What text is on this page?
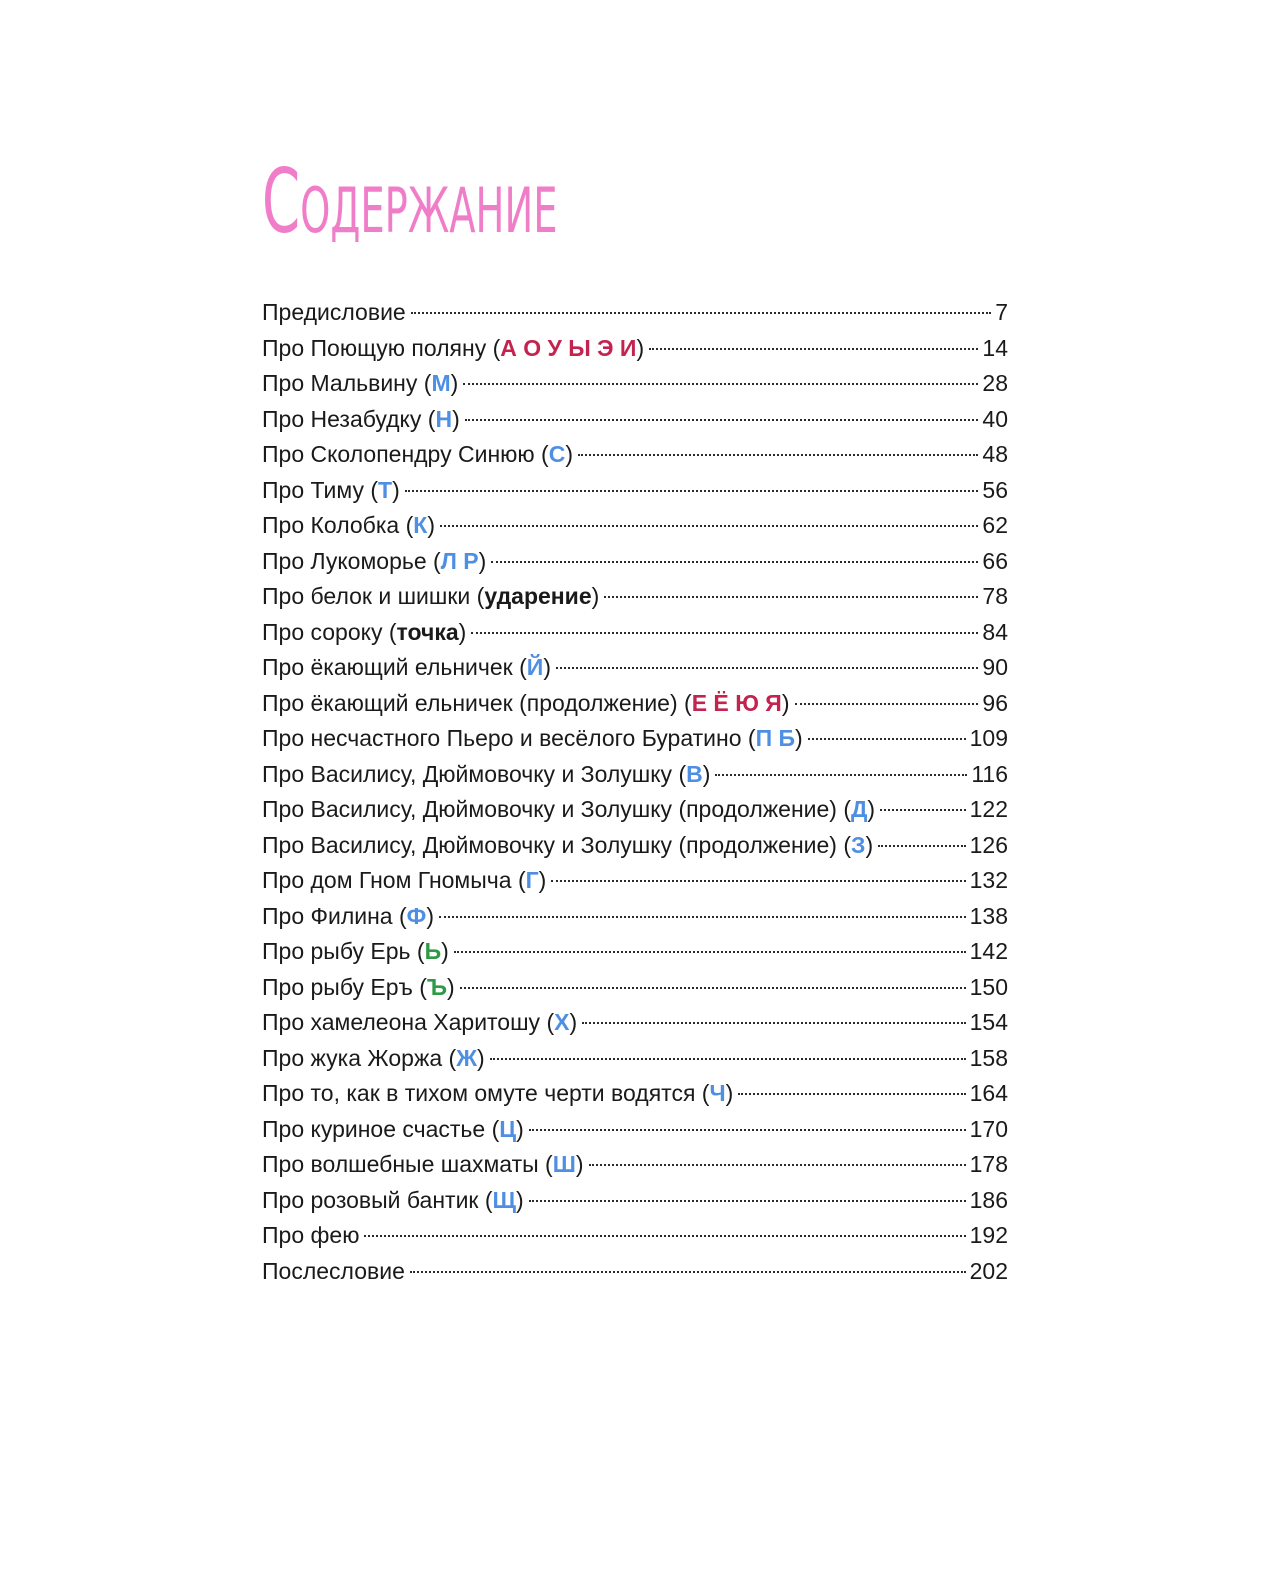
Содержание
Предисловие	7
Про Поющую поляну (А О У Ы Э И)	14
Про Мальвину (М)	28
Про Незабудку (Н)	40
Про Сколопендру Синюю (С)	48
Про Тиму (Т)	56
Про Колобка (К)	62
Про Лукоморье (Л Р)	66
Про белок и шишки (ударение)	78
Про сороку (точка)	84
Про ёкающий ельничек (Й)	90
Про ёкающий ельничек (продолжение) (Е Ё Ю Я)	96
Про несчастного Пьеро и весёлого Буратино (П Б)	109
Про Василису, Дюймовочку и Золушку (В)	116
Про Василису, Дюймовочку и Золушку (продолжение) (Д)	122
Про Василису, Дюймовочку и Золушку (продолжение) (З)	126
Про дом Гном Гномыча (Г)	132
Про Филина (Ф)	138
Про рыбу Ерь (Ь)	142
Про рыбу Еръ (Ъ)	150
Про хамелеона Харитошу (Х)	154
Про жука Жоржа (Ж)	158
Про то, как в тихом омуте черти водятся (Ч)	164
Про куриное счастье (Ц)	170
Про волшебные шахматы (Ш)	178
Про розовый бантик (Щ)	186
Про фею	192
Послесловие	202
